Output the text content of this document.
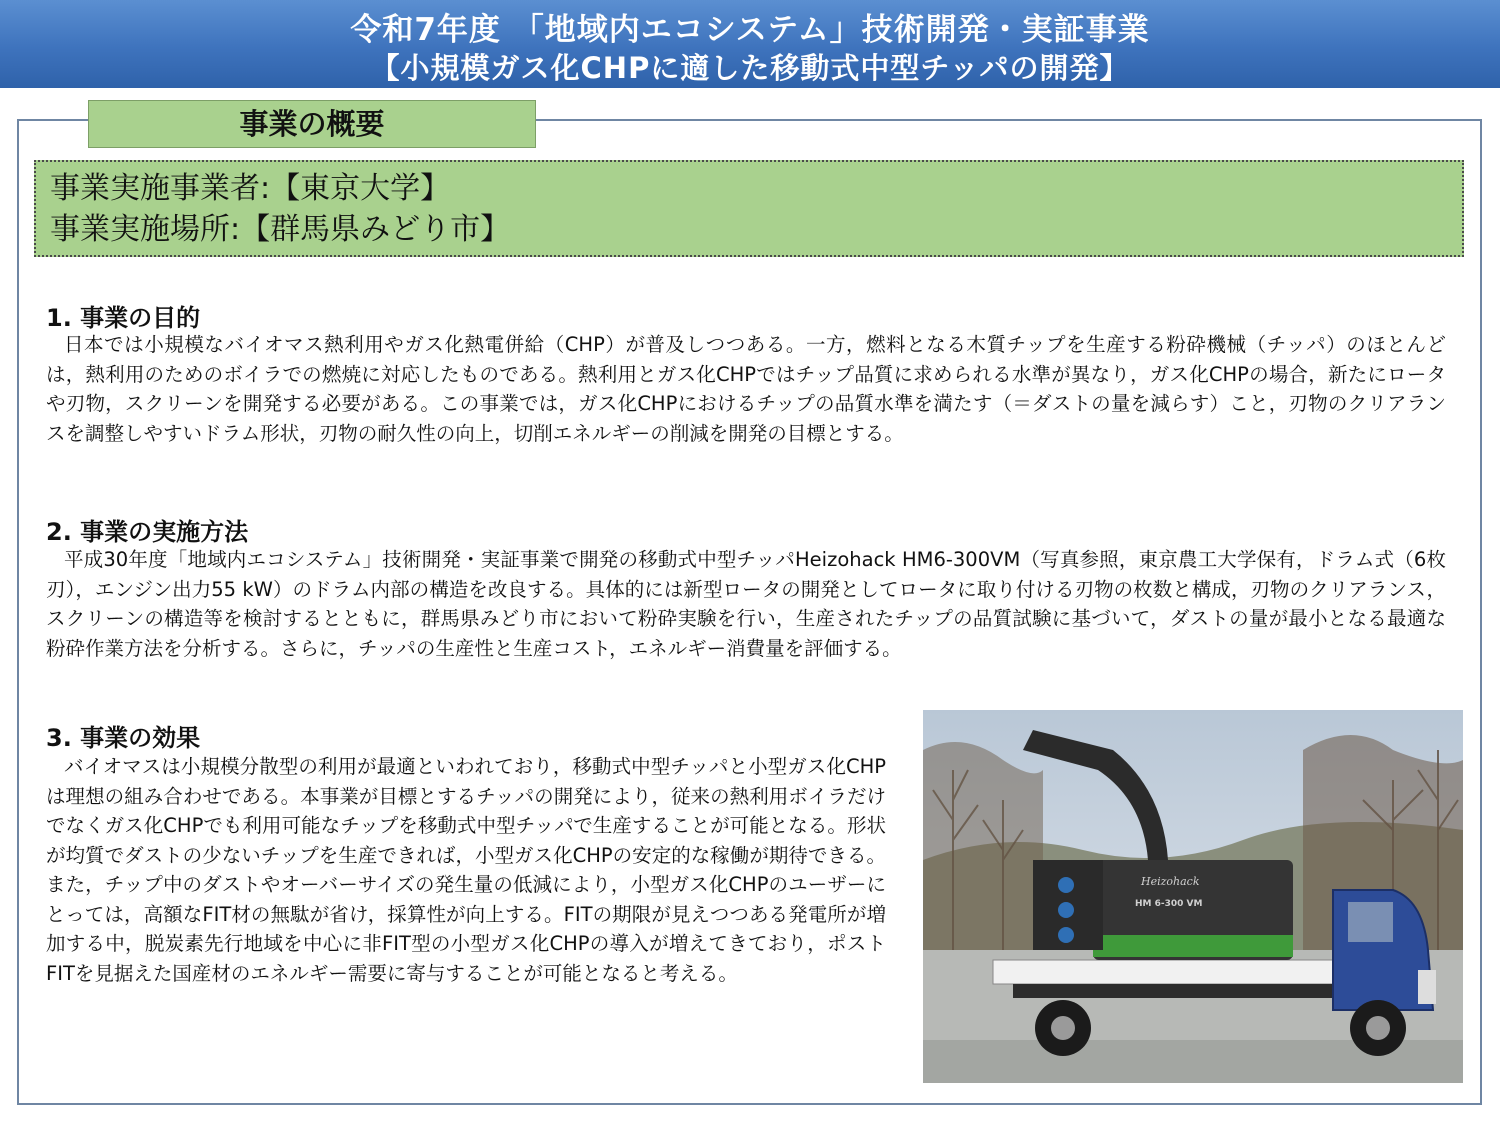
令和7年度 「地域内エコシステム」技術開発・実証事業
【小規模ガス化CHPに適した移動式中型チッパの開発】
事業の概要
事業実施事業者:【東京大学】
事業実施場所:【群馬県みどり市】
1. 事業の目的

日本では小規模なバイオマス熱利用やガス化熱電併給（CHP）が普及しつつある。一方，燃料となる木質チップを生産する粉砕機械（チッパ）のほとんどは，熱利用のためのボイラでの燃焼に対応したものである。熱利用とガス化CHPではチップ品質に求められる水準が異なり，ガス化CHPの場合，新たにロータや刃物，スクリーンを開発する必要がある。この事業では，ガス化CHPにおけるチップの品質水準を満たす（＝ダストの量を減らす）こと，刃物のクリアランスを調整しやすいドラム形状，刃物の耐久性の向上，切削エネルギーの削減を開発の目標とする。

2. 事業の実施方法

平成30年度「地域内エコシステム」技術開発・実証事業で開発の移動式中型チッパHeizohack HM6-300VM（写真参照，東京農工大学保有，ドラム式（6枚刃），エンジン出力55 kW）のドラム内部の構造を改良する。具体的には新型ロータの開発としてロータに取り付ける刃物の枚数と構成，刃物のクリアランス，スクリーンの構造等を検討するとともに，群馬県みどり市において粉砕実験を行い，生産されたチップの品質試験に基づいて，ダストの量が最小となる最適な粉砕作業方法を分析する。さらに，チッパの生産性と生産コスト，エネルギー消費量を評価する。

3. 事業の効果

バイオマスは小規模分散型の利用が最適といわれており，移動式中型チッパと小型ガス化CHPは理想の組み合わせである。本事業が目標とするチッパの開発により，従来の熱利用ボイラだけでなくガス化CHPでも利用可能なチップを移動式中型チッパで生産することが可能となる。形状が均質でダストの少ないチップを生産できれば，小型ガス化CHPの安定的な稼働が期待できる。また，チップ中のダストやオーバーサイズの発生量の低減により，小型ガス化CHPのユーザーにとっては，高額なFIT材の無駄が省け，採算性が向上する。FITの期限が見えつつある発電所が増加する中，脱炭素先行地域を中心に非FIT型の小型ガス化CHPの導入が増えてきており，ポストFITを見据えた国産材のエネルギー需要に寄与することが可能となると考える。

Heizohack
HM 6-300 VM
